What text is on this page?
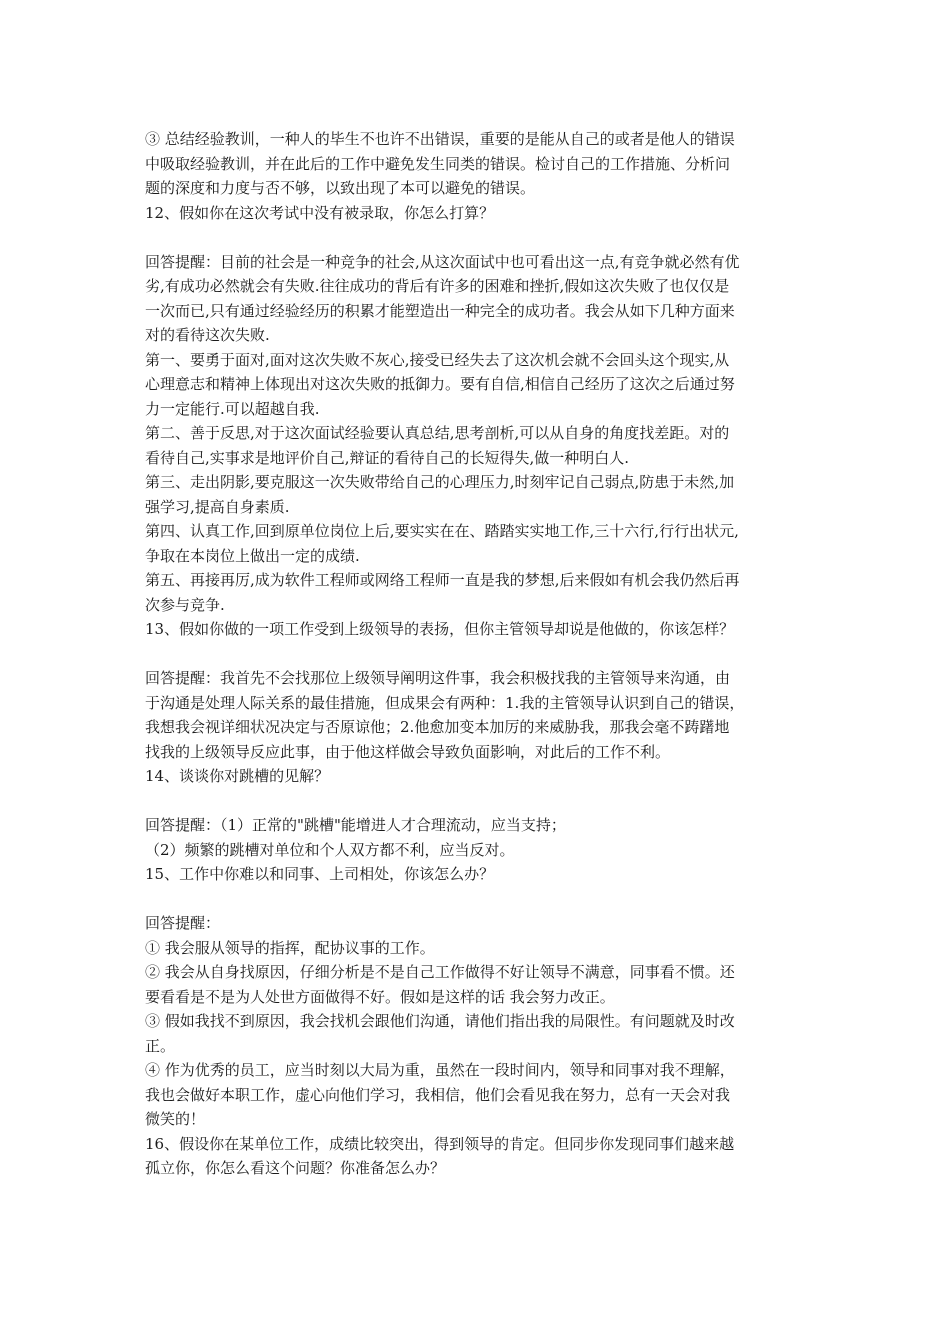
③ 总结经验教训，一种人的毕生不也许不出错误，重要的是能从自己的或者是他人的错误
中吸取经验教训，并在此后的工作中避免发生同类的错误。检讨自己的工作措施、分析问
题的深度和力度与否不够，以致出现了本可以避免的错误。
12、假如你在这次考试中没有被录取，你怎么打算？
回答提醒：目前的社会是一种竞争的社会,从这次面试中也可看出这一点,有竞争就必然有优
劣,有成功必然就会有失败.往往成功的背后有许多的困难和挫折,假如这次失败了也仅仅是
一次而已,只有通过经验经历的积累才能塑造出一种完全的成功者。我会从如下几种方面来
对的看待这次失败.
第一、要勇于面对,面对这次失败不灰心,接受已经失去了这次机会就不会回头这个现实,从
心理意志和精神上体现出对这次失败的抵御力。要有自信,相信自己经历了这次之后通过努
力一定能行.可以超越自我.
第二、善于反思,对于这次面试经验要认真总结,思考剖析,可以从自身的角度找差距。对的
看待自己,实事求是地评价自己,辩证的看待自己的长短得失,做一种明白人.
第三、走出阴影,要克服这一次失败带给自己的心理压力,时刻牢记自己弱点,防患于未然,加
强学习,提高自身素质.
第四、认真工作,回到原单位岗位上后,要实实在在、踏踏实实地工作,三十六行,行行出状元,
争取在本岗位上做出一定的成绩.
第五、再接再厉,成为软件工程师或网络工程师一直是我的梦想,后来假如有机会我仍然后再
次参与竞争.
13、假如你做的一项工作受到上级领导的表扬，但你主管领导却说是他做的，你该怎样？
回答提醒：我首先不会找那位上级领导阐明这件事，我会积极找我的主管领导来沟通，由
于沟通是处理人际关系的最佳措施，但成果会有两种：1.我的主管领导认识到自己的错误，
我想我会视详细状况决定与否原谅他；2.他愈加变本加厉的来威胁我，那我会毫不踌躇地
找我的上级领导反应此事，由于他这样做会导致负面影响，对此后的工作不利。
14、谈谈你对跳槽的见解？
回答提醒：（1）正常的"跳槽"能增进人才合理流动，应当支持；
（2）频繁的跳槽对单位和个人双方都不利，应当反对。
15、工作中你难以和同事、上司相处，你该怎么办？
回答提醒：
① 我会服从领导的指挥，配协议事的工作。
② 我会从自身找原因，仔细分析是不是自己工作做得不好让领导不满意，同事看不惯。还
要看看是不是为人处世方面做得不好。假如是这样的话 我会努力改正。
③ 假如我找不到原因，我会找机会跟他们沟通，请他们指出我的局限性。有问题就及时改
正。
④ 作为优秀的员工，应当时刻以大局为重，虽然在一段时间内，领导和同事对我不理解，
我也会做好本职工作，虚心向他们学习，我相信，他们会看见我在努力，总有一天会对我
微笑的！
16、假设你在某单位工作，成绩比较突出，得到领导的肯定。但同步你发现同事们越来越
孤立你，你怎么看这个问题？你准备怎么办？
